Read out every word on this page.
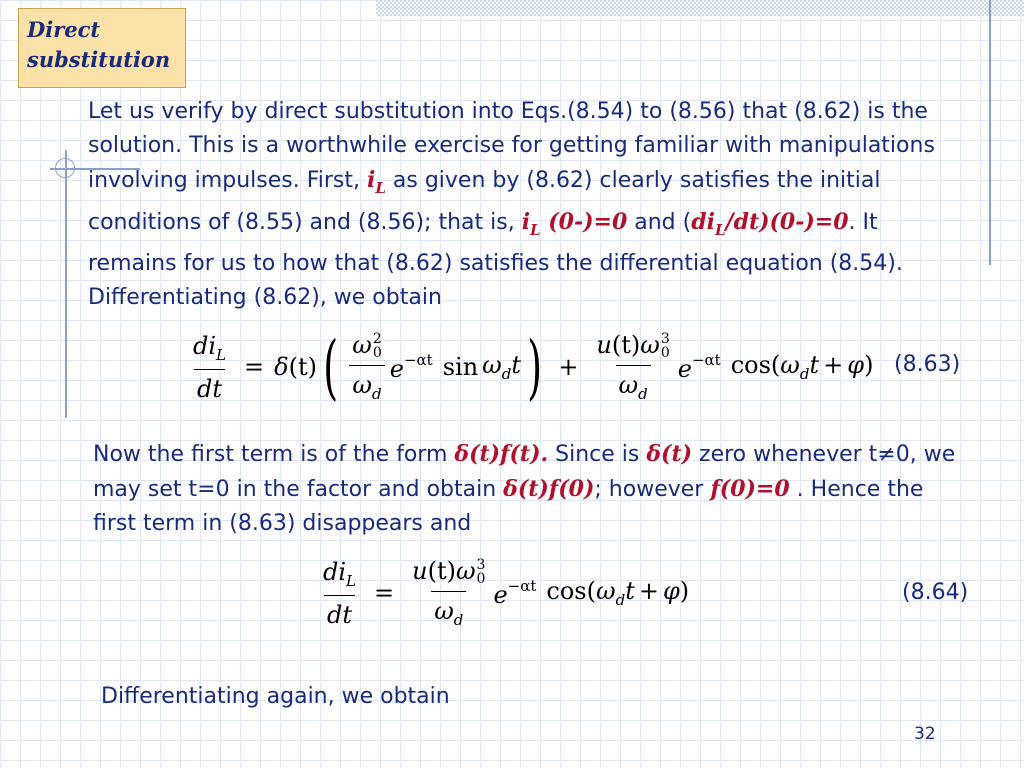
Direct
substitution
Let us verify by direct substitution into Eqs.(8.54) to (8.56) that (8.62) is the solution. This is a worthwhile exercise for getting familiar with manipulations involving impulses. First, $i_L$ as given by (8.62) clearly satisfies the initial conditions of (8.55) and (8.56); that is, $i_L$ (0-)=0 and $(di_L/dt)(0-)=0$. It remains for us to how that (8.62) satisfies the differential equation (8.54). Differentiating (8.62), we obtain
$\frac{di_L}{dt} = \delta$ (t) ( ω 2
0
$\omega_d$ $e^{-\alpha t}$ $\sin \omega_dt$ ) + u(t)ω 3
0
$\omega_d$ $e^{-\alpha t}$ $\cos(\omega_dt + \varphi)$ (8.63)
Now the first term is of the form δ(t)f(t). Since is δ(t) zero whenever t≠0, we may set t=0 in the factor and obtain δ(t)f(0); however f(0)=0 . Hence the first term in (8.63) disappears and
$\frac{di_L}{dt} = u(t)\omega$ 3
0
$\omega_d$ $e^{-\alpha t}$ $\cos(\omega_dt + \varphi)$	(8.64)
Differentiating again, we obtain
32
